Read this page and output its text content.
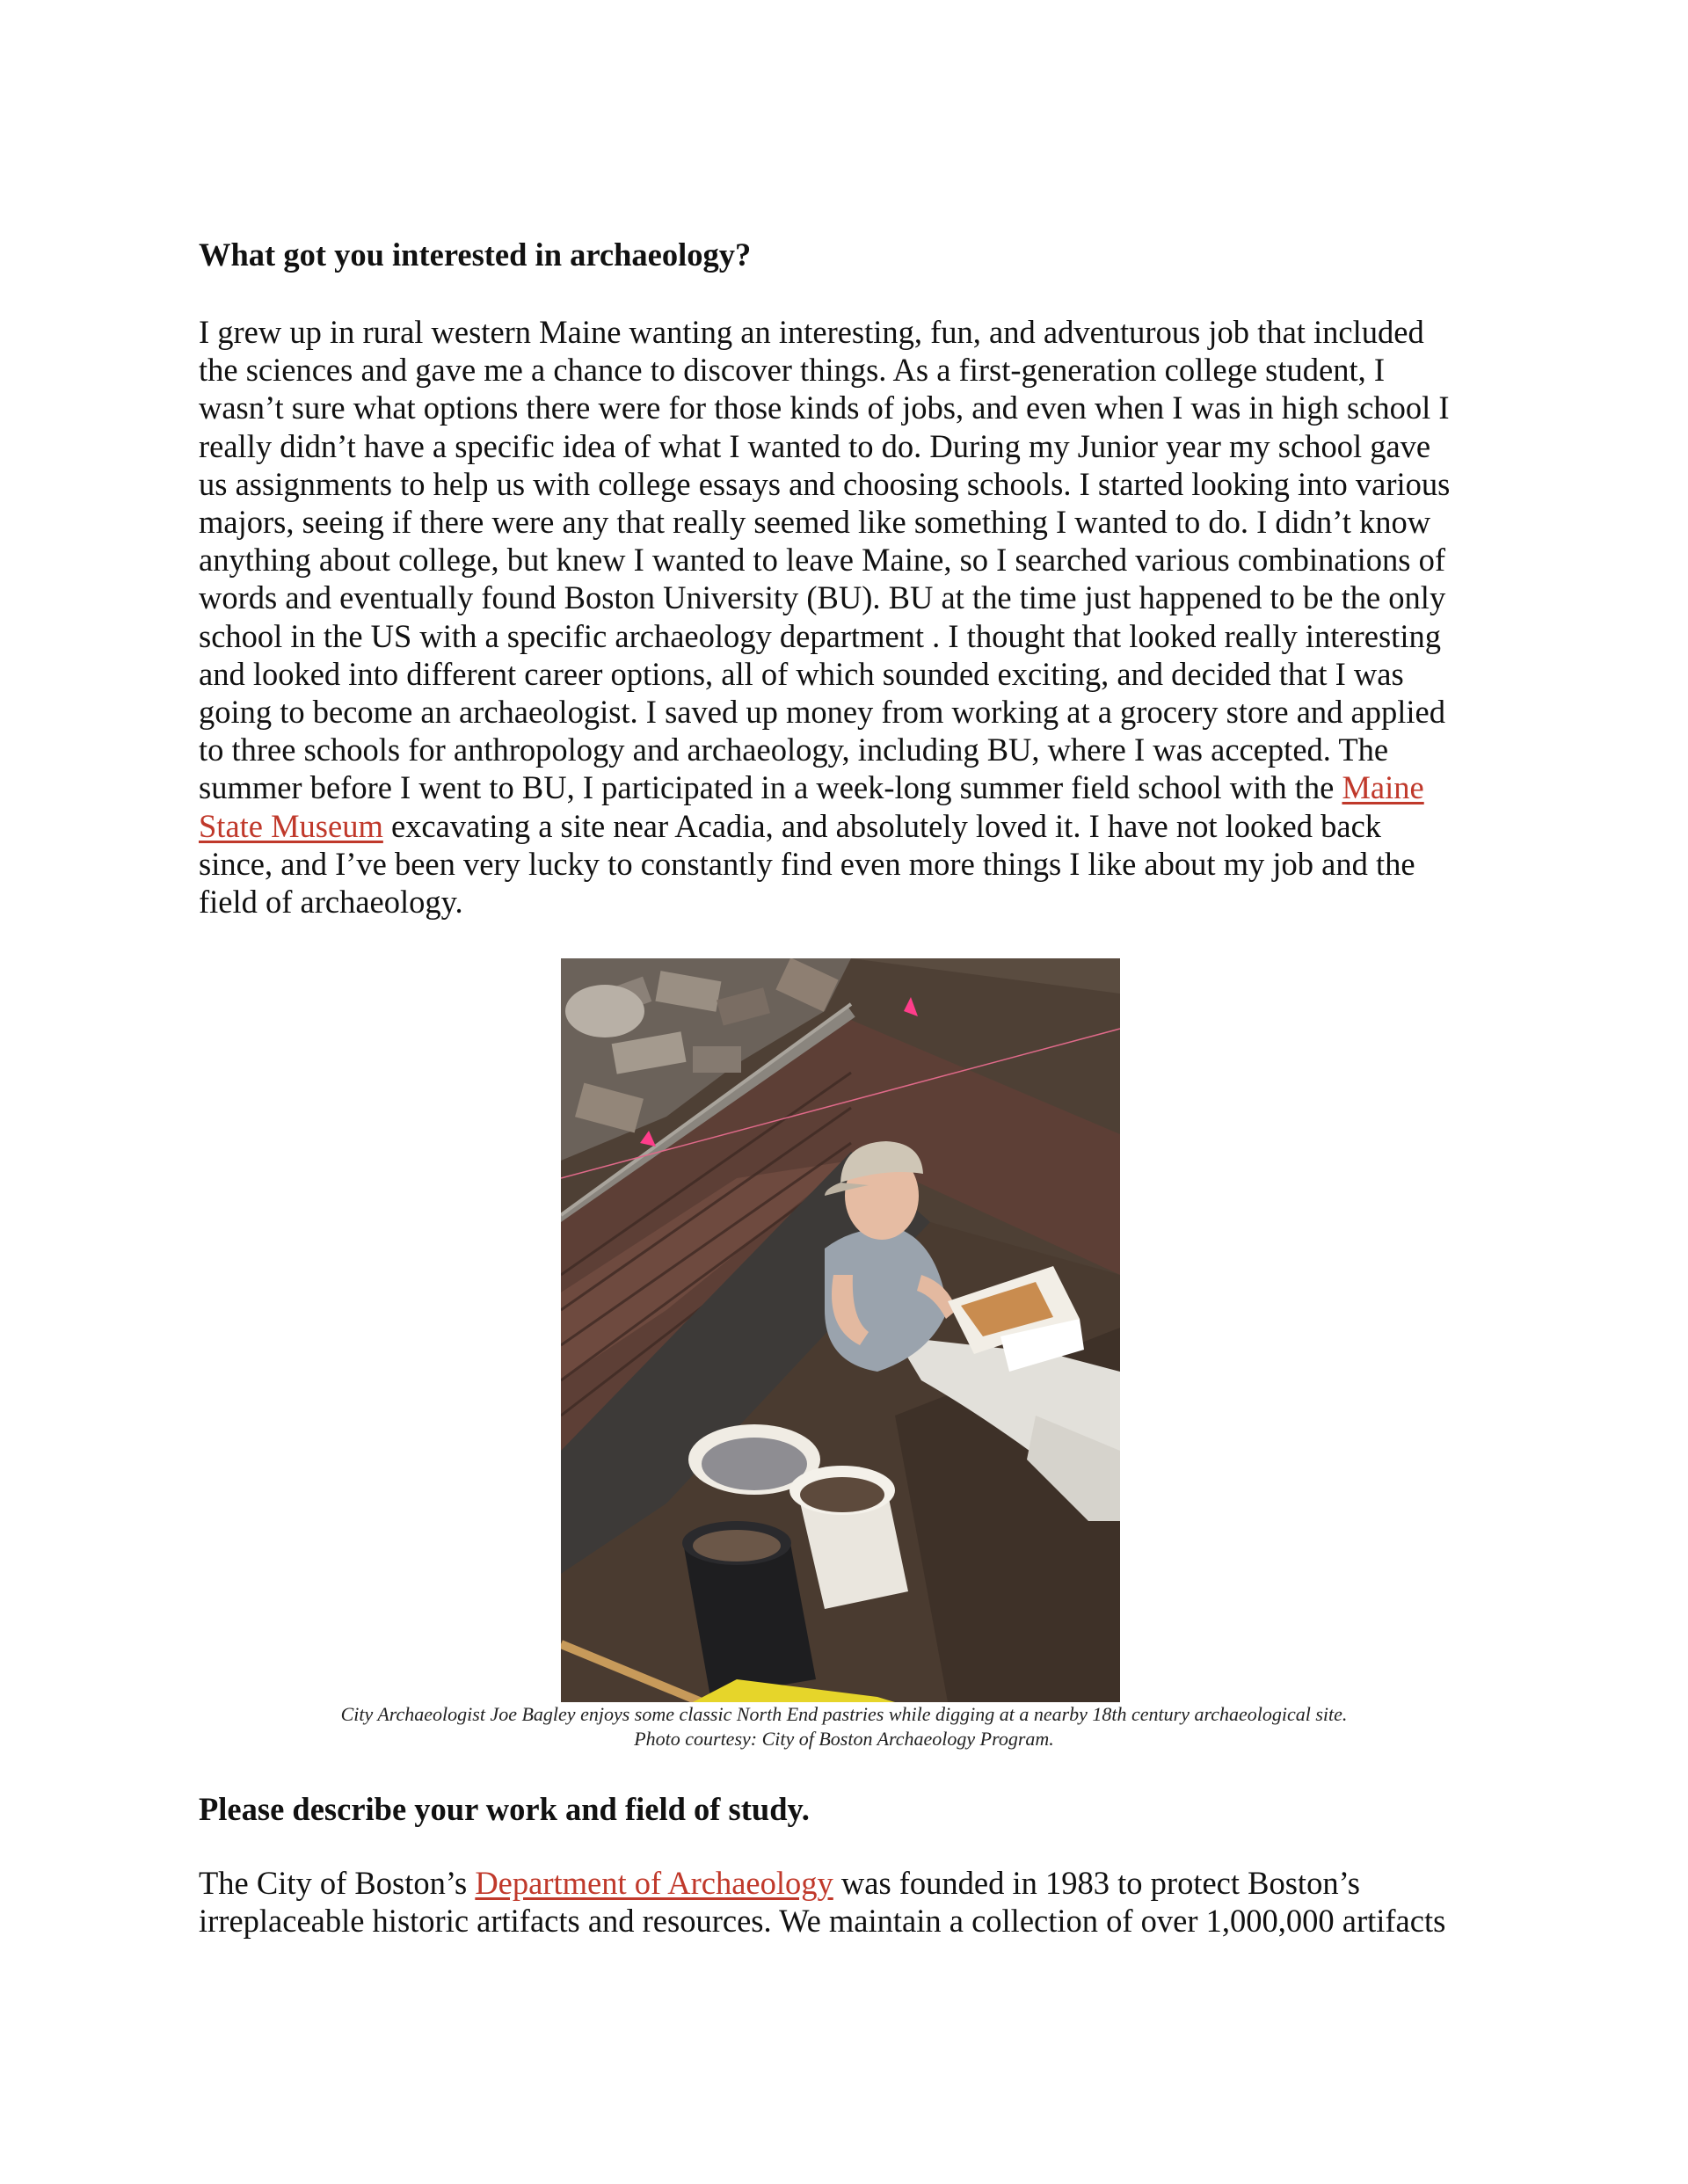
What got you interested in archaeology?

I grew up in rural western Maine wanting an interesting, fun, and adventurous job that included
the sciences and gave me a chance to discover things. As a first-generation college student, I
wasn’t sure what options there were for those kinds of jobs, and even when I was in high school I
really didn’t have a specific idea of what I wanted to do. During my Junior year my school gave
us assignments to help us with college essays and choosing schools. I started looking into various
majors, seeing if there were any that really seemed like something I wanted to do. I didn’t know
anything about college, but knew I wanted to leave Maine, so I searched various combinations of
words and eventually found Boston University (BU). BU at the time just happened to be the only
school in the US with a specific archaeology department . I thought that looked really interesting
and looked into different career options, all of which sounded exciting, and decided that I was
going to become an archaeologist. I saved up money from working at a grocery store and applied
to three schools for anthropology and archaeology, including BU, where I was accepted. The
summer before I went to BU, I participated in a week-long summer field school with the Maine
State Museum excavating a site near Acadia, and absolutely loved it. I have not looked back
since, and I’ve been very lucky to constantly find even more things I like about my job and the
field of archaeology.

City Archaeologist Joe Bagley enjoys some classic North End pastries while digging at a nearby 18th century archaeological site.

Photo courtesy: City of Boston Archaeology Program.

Please describe your work and field of study.

The City of Boston’s Department of Archaeology was founded in 1983 to protect Boston’s
irreplaceable historic artifacts and resources. We maintain a collection of over 1,000,000 artifacts
